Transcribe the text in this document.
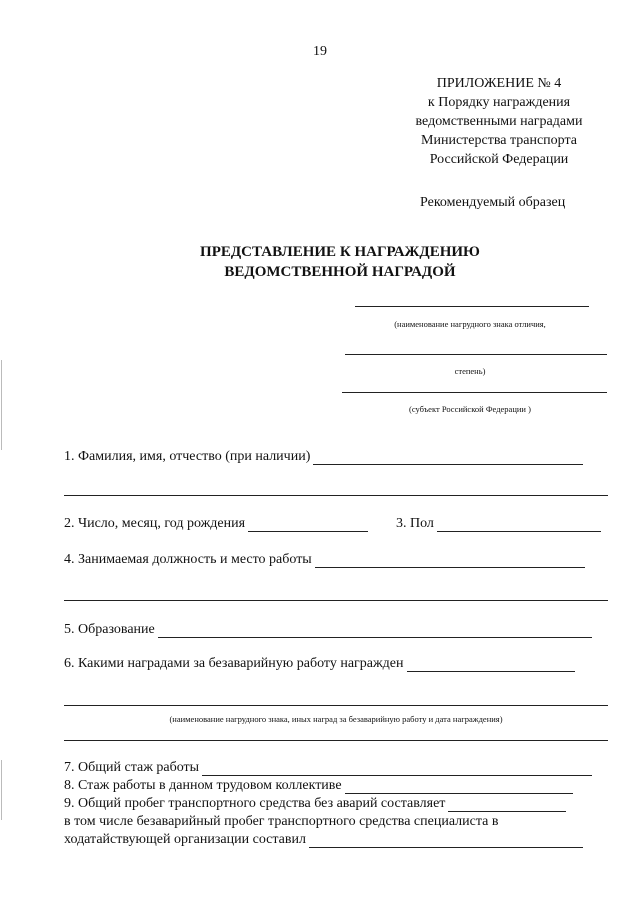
19
ПРИЛОЖЕНИЕ № 4
к Порядку награждения
ведомственными наградами
Министерства транспорта
Российской Федерации
Рекомендуемый образец
ПРЕДСТАВЛЕНИЕ К НАГРАЖДЕНИЮ
ВЕДОМСТВЕННОЙ НАГРАДОЙ
(наименование нагрудного знака отличия,
степень)
(субъект Российской Федерации )
1. Фамилия, имя, отчество (при наличии)
2. Число, месяц, год рождения	3. Пол
4. Занимаемая должность и место работы
5. Образование
6. Какими наградами за безаварийную работу награжден
(наименование нагрудного знака, иных наград за безаварийную работу и дата награждения)
7. Общий стаж работы
8. Стаж работы в данном трудовом коллективе
9. Общий пробег транспортного средства без аварий составляет
в том числе безаварийный пробег транспортного средства специалиста в
ходатайствующей организации составил
